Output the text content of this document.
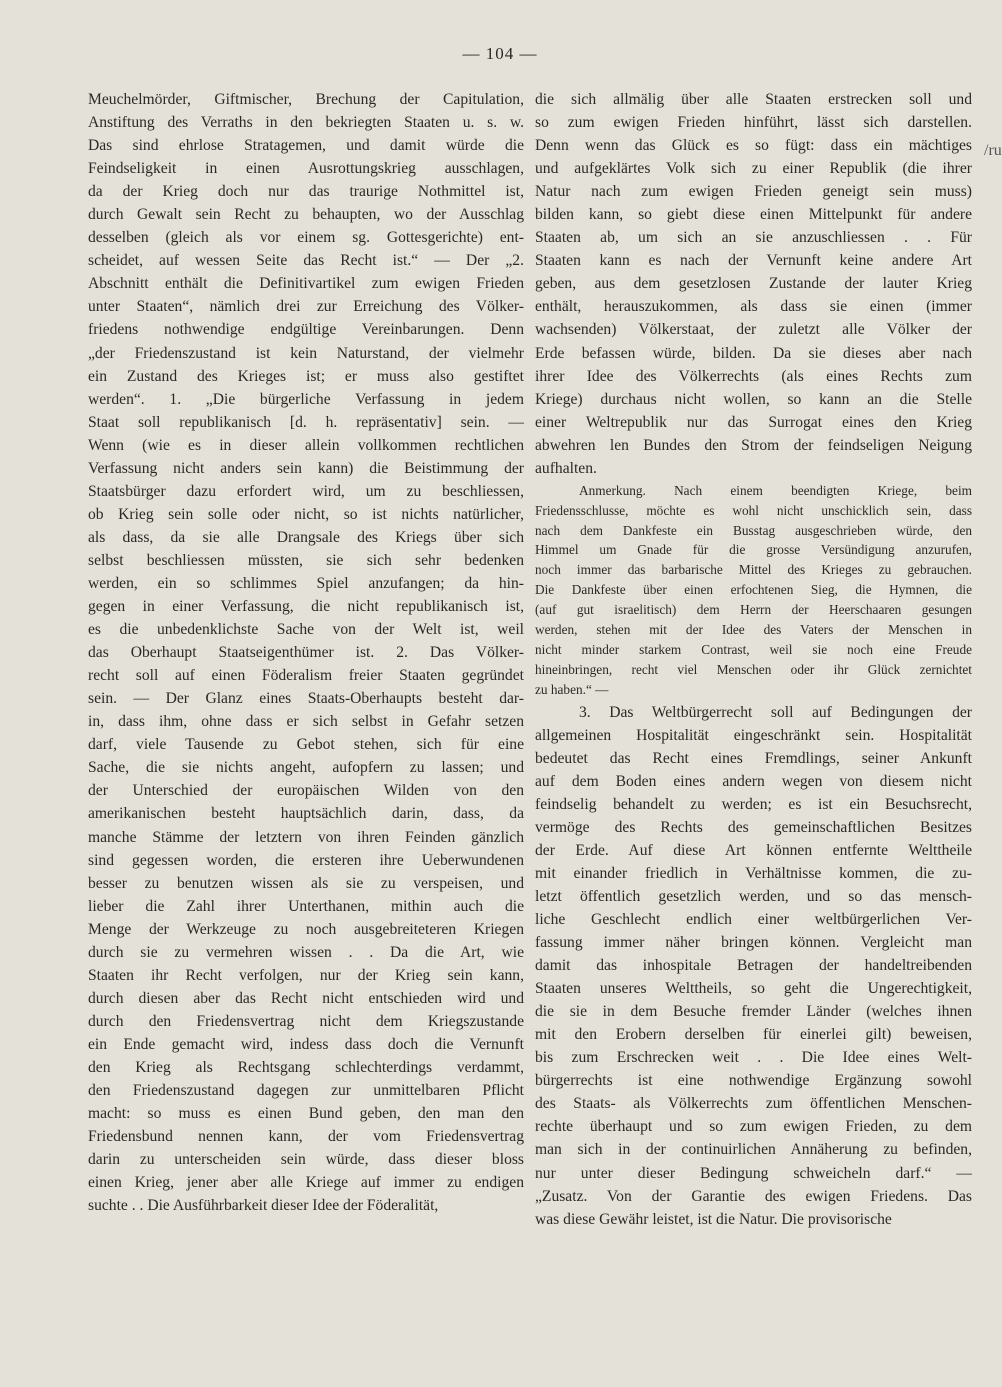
— 104 —
Meuchelmörder, Giftmischer, Brechung der Capitulation,
Anstiftung des Verraths in den bekriegten Staaten u. s. w.
Das sind ehrlose Stratagemen, und damit würde die
Feindseligkeit in einen Ausrottungskrieg ausschlagen,
da der Krieg doch nur das traurige Nothmittel ist,
durch Gewalt sein Recht zu behaupten, wo der Ausschlag
desselben (gleich als vor einem sg. Gottesgerichte) ent-
scheidet, auf wessen Seite das Recht ist.“ — Der „2.
Abschnitt enthält die Definitivartikel zum ewigen Frieden
unter Staaten“, nämlich drei zur Erreichung des Völker-
friedens nothwendige endgültige Vereinbarungen. Denn
„der Friedenszustand ist kein Naturstand, der vielmehr
ein Zustand des Krieges ist; er muss also gestiftet
werden“. 1. „Die bürgerliche Verfassung in jedem
Staat soll republikanisch [d. h. repräsentativ] sein. —
Wenn (wie es in dieser allein vollkommen rechtlichen
Verfassung nicht anders sein kann) die Beistimmung der
Staatsbürger dazu erfordert wird, um zu beschliessen,
ob Krieg sein solle oder nicht, so ist nichts natürlicher,
als dass, da sie alle Drangsale des Kriegs über sich
selbst beschliessen müssten, sie sich sehr bedenken
werden, ein so schlimmes Spiel anzufangen; da hin-
gegen in einer Verfassung, die nicht republikanisch ist,
es die unbedenklichste Sache von der Welt ist, weil
das Oberhaupt Staatseigenthümer ist. 2. Das Völker-
recht soll auf einen Föderalism freier Staaten gegründet
sein. — Der Glanz eines Staats-Oberhaupts besteht dar-
in, dass ihm, ohne dass er sich selbst in Gefahr setzen
darf, viele Tausende zu Gebot stehen, sich für eine
Sache, die sie nichts angeht, aufopfern zu lassen; und
der Unterschied der europäischen Wilden von den
amerikanischen besteht hauptsächlich darin, dass, da
manche Stämme der letztern von ihren Feinden gänzlich
sind gegessen worden, die ersteren ihre Ueberwundenen
besser zu benutzen wissen als sie zu verspeisen, und
lieber die Zahl ihrer Unterthanen, mithin auch die
Menge der Werkzeuge zu noch ausgebreiteteren Kriegen
durch sie zu vermehren wissen . . Da die Art, wie
Staaten ihr Recht verfolgen, nur der Krieg sein kann,
durch diesen aber das Recht nicht entschieden wird und
durch den Friedensvertrag nicht dem Kriegszustande
ein Ende gemacht wird, indess dass doch die Vernunft
den Krieg als Rechtsgang schlechterdings verdammt,
den Friedenszustand dagegen zur unmittelbaren Pflicht
macht: so muss es einen Bund geben, den man den
Friedensbund nennen kann, der vom Friedensvertrag
darin zu unterscheiden sein würde, dass dieser bloss
einen Krieg, jener aber alle Kriege auf immer zu endigen
suchte . . Die Ausführbarkeit dieser Idee der Föderalität,
die sich allmälig über alle Staaten erstrecken soll und
so zum ewigen Frieden hinführt, lässt sich darstellen.
Denn wenn das Glück es so fügt: dass ein mächtiges
und aufgeklärtes Volk sich zu einer Republik (die ihrer
Natur nach zum ewigen Frieden geneigt sein muss)
bilden kann, so giebt diese einen Mittelpunkt für andere
Staaten ab, um sich an sie anzuschliessen . . Für
Staaten kann es nach der Vernunft keine andere Art
geben, aus dem gesetzlosen Zustande der lauter Krieg
enthält, herauszukommen, als dass sie einen (immer
wachsenden) Völkerstaat, der zuletzt alle Völker der
Erde befassen würde, bilden. Da sie dieses aber nach
ihrer Idee des Völkerrechts (als eines Rechts zum
Kriege) durchaus nicht wollen, so kann an die Stelle
einer Weltrepublik nur das Surrogat eines den Krieg
abwehren len Bundes den Strom der feindseligen Neigung
aufhalten.
Anmerkung. Nach einem beendigten Kriege, beim
Friedensschlusse, möchte es wohl nicht unschicklich sein, dass
nach dem Dankfeste ein Busstag ausgeschrieben würde, den
Himmel um Gnade für die grosse Versündigung anzurufen,
noch immer das barbarische Mittel des Krieges zu gebrauchen.
Die Dankfeste über einen erfochtenen Sieg, die Hymnen, die
(auf gut israelitisch) dem Herrn der Heerschaaren gesungen
werden, stehen mit der Idee des Vaters der Menschen in
nicht minder starkem Contrast, weil sie noch eine Freude
hineinbringen, recht viel Menschen oder ihr Glück zernichtet
zu haben.“ —
3. Das Weltbürgerrecht soll auf Bedingungen der
allgemeinen Hospitalität eingeschränkt sein. Hospitalität
bedeutet das Recht eines Fremdlings, seiner Ankunft
auf dem Boden eines andern wegen von diesem nicht
feindselig behandelt zu werden; es ist ein Besuchsrecht,
vermöge des Rechts des gemeinschaftlichen Besitzes
der Erde. Auf diese Art können entfernte Welttheile
mit einander friedlich in Verhältnisse kommen, die zu-
letzt öffentlich gesetzlich werden, und so das mensch-
liche Geschlecht endlich einer weltbürgerlichen Ver-
fassung immer näher bringen können. Vergleicht man
damit das inhospitale Betragen der handeltreibenden
Staaten unseres Welttheils, so geht die Ungerechtigkeit,
die sie in dem Besuche fremder Länder (welches ihnen
mit den Erobern derselben für einerlei gilt) beweisen,
bis zum Erschrecken weit . . Die Idee eines Welt-
bürgerrechts ist eine nothwendige Ergänzung sowohl
des Staats- als Völkerrechts zum öffentlichen Menschen-
rechte überhaupt und so zum ewigen Frieden, zu dem
man sich in der continuirlichen Annäherung zu befinden,
nur unter dieser Bedingung schweicheln darf.“ —
„Zusatz. Von der Garantie des ewigen Friedens. Das
was diese Gewähr leistet, ist die Natur. Die provisorische
/ru
